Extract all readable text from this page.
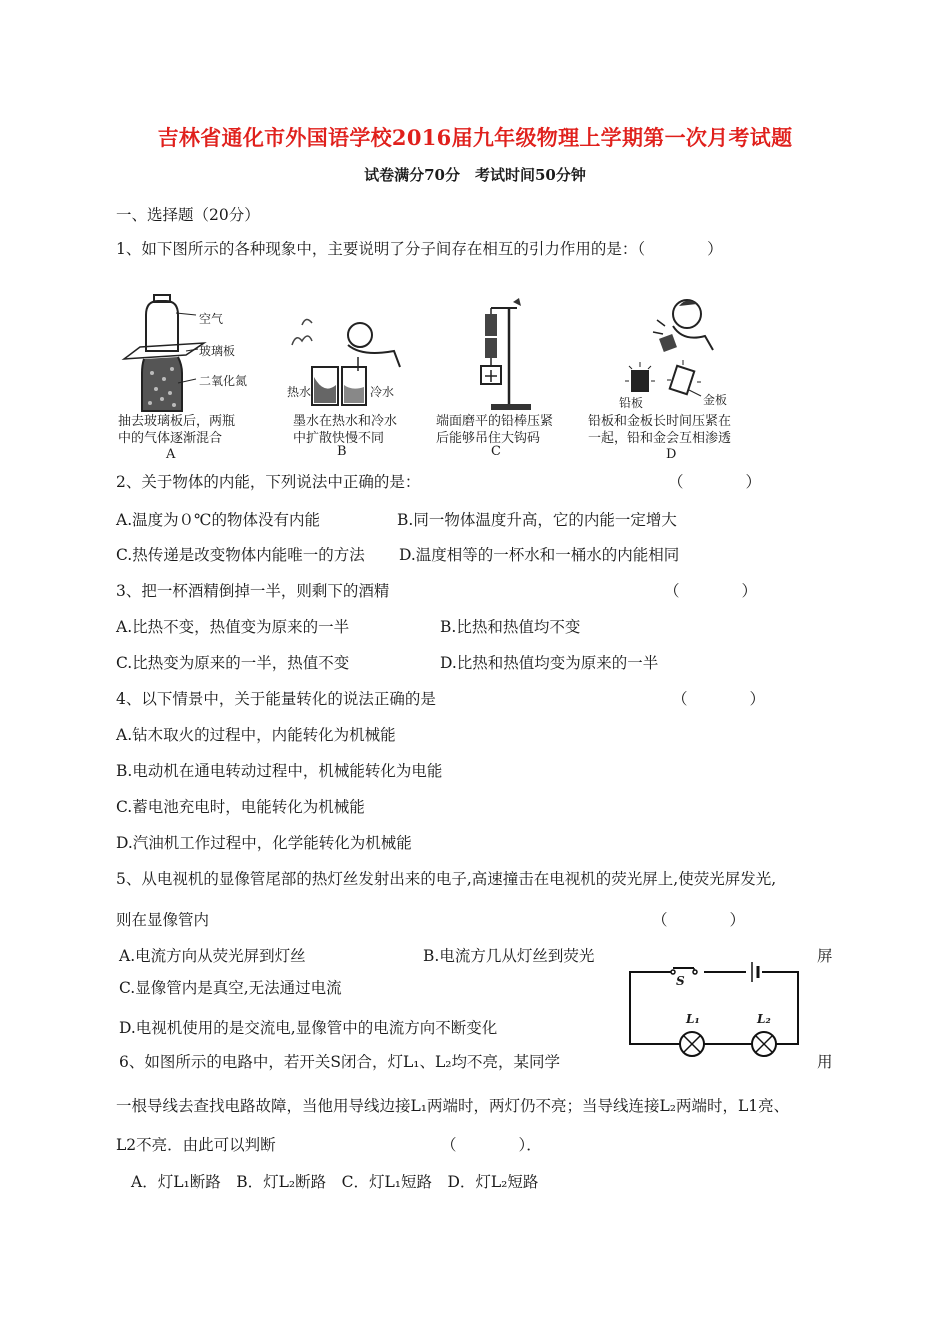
吉林省通化市外国语学校2016届九年级物理上学期第一次月考试题
试卷满分70分　考试时间50分钟
一、选择题（20分）
1、如下图所示的各种现象中，主要说明了分子间存在相互的引力作用的是：（　　　　）
空气
玻璃板
二氧化氮
抽去玻璃板后，两瓶
中的气体逐渐混合
A
热水	冷水
墨水在热水和冷水
中扩散快慢不同
B
端面磨平的铅棒压紧
后能够吊住大钩码
C
铅板	金板
铅板和金板长时间压紧在
一起，铅和金会互相渗透
D
2、关于物体的内能，下列说法中正确的是：	（　　　　）
A.温度为０℃的物体没有内能	B.同一物体温度升高，它的内能一定增大
C.热传递是改变物体内能唯一的方法 D.温度相等的一杯水和一桶水的内能相同
3、把一杯酒精倒掉一半，则剩下的酒精	（　　　　）
A.比热不变，热值变为原来的一半	B.比热和热值均不变
C.比热变为原来的一半，热值不变	D.比热和热值均变为原来的一半
4、以下情景中，关于能量转化的说法正确的是	（　　　　）
A.钻木取火的过程中，内能转化为机械能
B.电动机在通电转动过程中，机械能转化为电能
C.蓄电池充电时，电能转化为机械能
D.汽油机工作过程中，化学能转化为机械能
5、从电视机的显像管尾部的热灯丝发射出来的电子,高速撞击在电视机的荧光屏上,使荧光屏发光,
则在显像管内	（　　　　）
A.电流方向从荧光屏到灯丝	B.电流方几从灯丝到荧光	屏
C.显像管内是真空,无法通过电流
D.电视机使用的是交流电,显像管中的电流方向不断变化
S
L₁	L₂
6、如图所示的电路中，若开关S闭合，灯L₁、L₂均不亮，某同学	用
一根导线去查找电路故障，当他用导线边接L₁两端时，两灯仍不亮；当导线连接L₂两端时，L1亮、
L2不亮．由此可以判断	（　　　　）．
A．灯L₁断路　B．灯L₂断路　C．灯L₁短路　D．灯L₂短路
